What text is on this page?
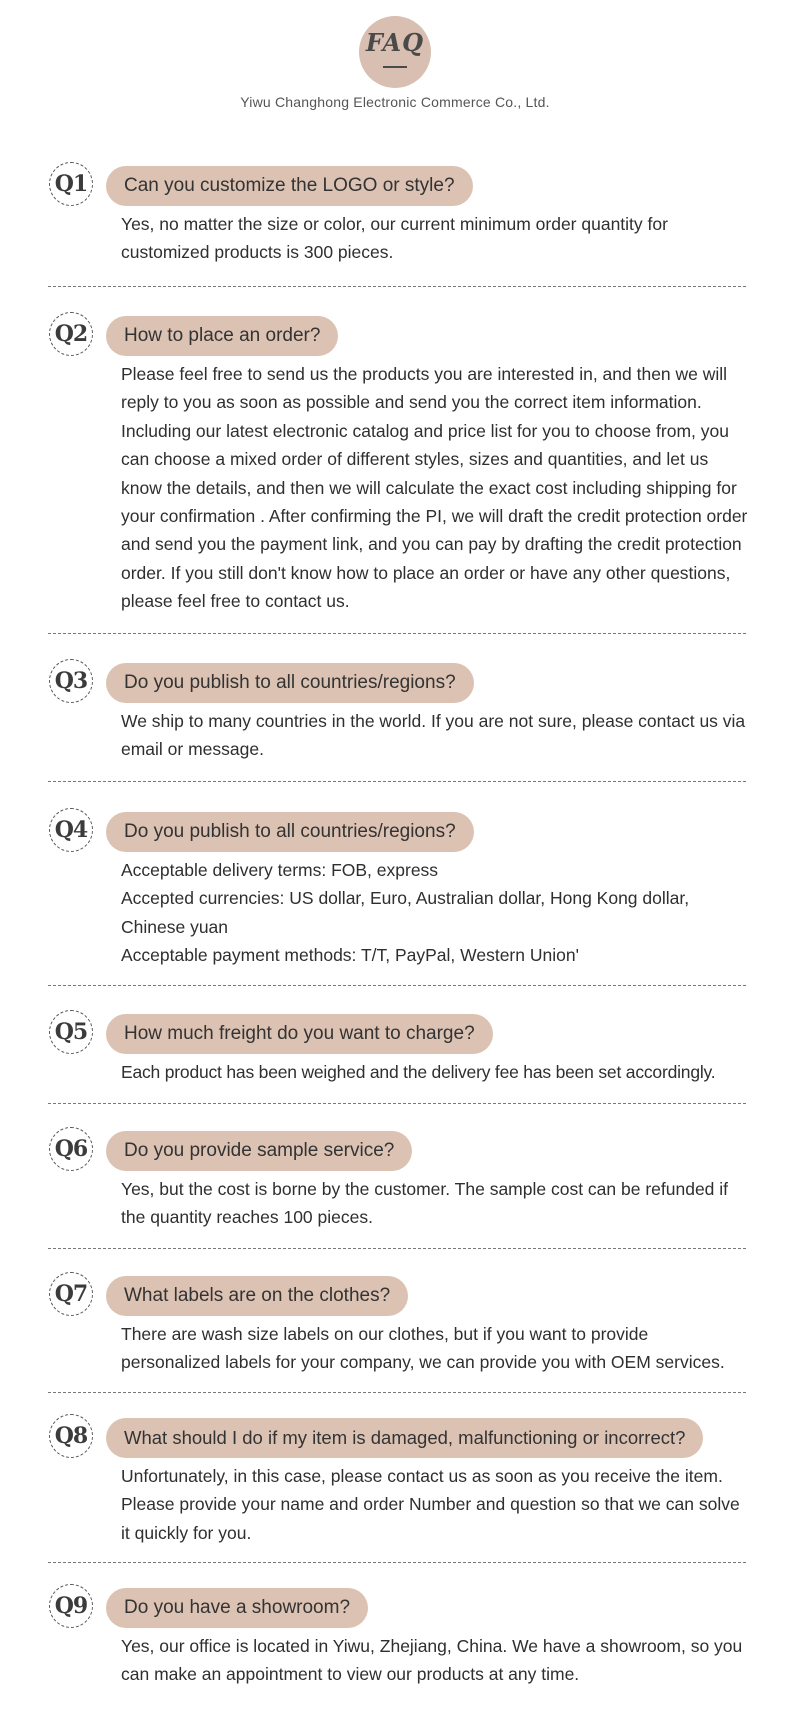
FAQ
Yiwu Changhong Electronic Commerce Co., Ltd.
Q1	Can you customize the LOGO or style?

Yes, no matter the size or color, our current minimum order quantity for customized products is 300 pieces.

Q2	How to place an order?

Please feel free to send us the products you are interested in, and then we will reply to you as soon as possible and send you the correct item information. Including our latest electronic catalog and price list for you to choose from, you can choose a mixed order of different styles, sizes and quantities, and let us know the details, and then we will calculate the exact cost including shipping for your confirmation . After confirming the PI, we will draft the credit protection order and send you the payment link, and you can pay by drafting the credit protection order. If you still don't know how to place an order or have any other questions, please feel free to contact us.

Q3	Do you publish to all countries/regions?

We ship to many countries in the world. If you are not sure, please contact us via email or message.

Q4	Do you publish to all countries/regions?

Acceptable delivery terms: FOB, express

Accepted currencies: US dollar, Euro, Australian dollar, Hong Kong dollar, Chinese yuan

Acceptable payment methods: T/T, PayPal, Western Union'

Q5	How much freight do you want to charge?

Each product has been weighed and the delivery fee has been set accordingly.

Q6	Do you provide sample service?

Yes, but the cost is borne by the customer. The sample cost can be refunded if the quantity reaches 100 pieces.

Q7	What labels are on the clothes?

There are wash size labels on our clothes, but if you want to provide personalized labels for your company, we can provide you with OEM services.

Q8	What should I do if my item is damaged, malfunctioning or incorrect?

Unfortunately, in this case, please contact us as soon as you receive the item. Please provide your name and order Number and question so that we can solve it quickly for you.

Q9	Do you have a showroom?

Yes, our office is located in Yiwu, Zhejiang, China. We have a showroom, so you can make an appointment to view our products at any time.
